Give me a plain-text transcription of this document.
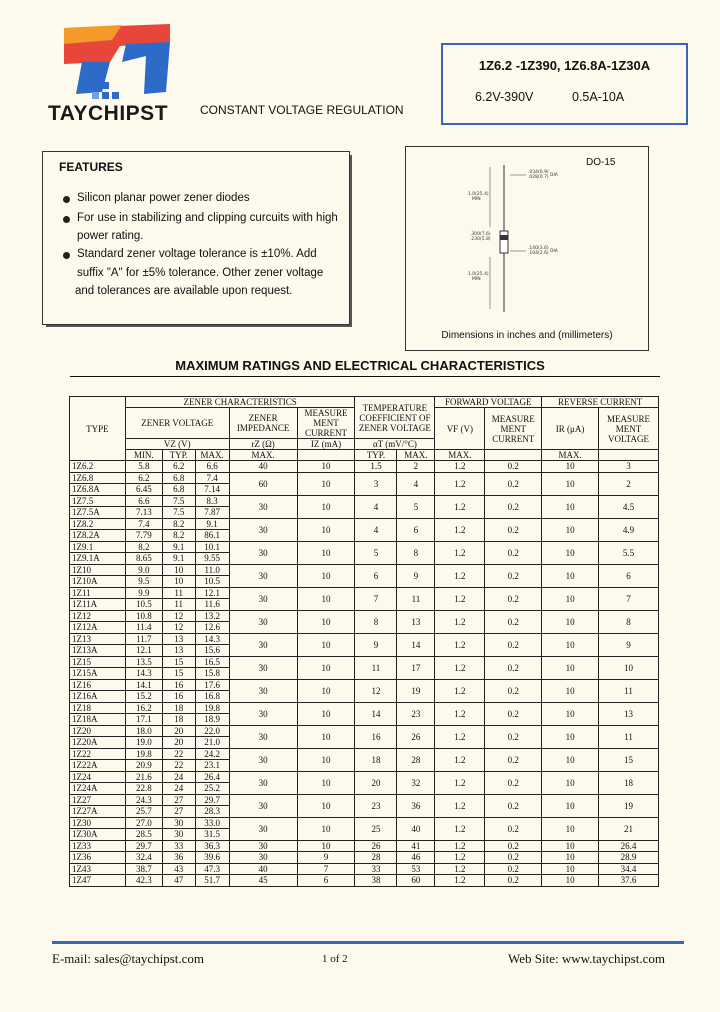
TAYCHIPST	CONSTANT VOLTAGE REGULATION
1Z6.2 -1Z390, 1Z6.8A-1Z30A
6.2V-390V	0.5A-10A
FEATURES
Silicon planar power zener diodes
For use in stabilizing and clipping curcuits with high
power rating.
Standard zener voltage tolerance is ±10%. Add
suffix "A" for ±5% tolerance. Other zener voltage
and tolerances are available upon request.
DO-15
.034(0.9)
.028(0.7) DIA
1.0(25.4)
MIN
.300(7.6)
.230(5.8)
.140(3.6)
.104(2.6) DIA
1.0(25.4)
MIN
Dimensions in inches and (millimeters)
MAXIMUM RATINGS AND ELECTRICAL CHARACTERISTICS
TYPE	ZENER CHARACTERISTICS					TEMPERATURE COEFFICIENT OF ZENER VOLTAGE		FORWARD VOLTAGE		REVERSE CURRENT	
	ZENER VOLTAGE			ZENER IMPEDANCE	MEASURE MENT CURRENT			VF (V)	MEASURE MENT CURRENT	IR (μA)	MEASURE MENT VOLTAGE
	VZ (V)			rZ (Ω)	IZ (mA)	αT (mV/°C)					
	MIN.	TYP.	MAX.	MAX.		TYP.	MAX.	MAX.		MAX.	
1Z6.2	5.8	6.2	6.6	40	10	1.5	2	1.2	0.2	10	3
1Z6.8	6.2	6.8	7.4	60	10	3	4	1.2	0.2	10	2
1Z6.8A	6.45	6.8	7.14								
1Z7.5	6.6	7.5	8.3	30	10	4	5	1.2	0.2	10	4.5
1Z7.5A	7.13	7.5	7.87								
1Z8.2	7.4	8.2	9.1	30	10	4	6	1.2	0.2	10	4.9
1Z8.2A	7.79	8.2	86.1								
1Z9.1	8.2	9.1	10.1	30	10	5	8	1.2	0.2	10	5.5
1Z9.1A	8.65	9.1	9.55								
1Z10	9.0	10	11.0	30	10	6	9	1.2	0.2	10	6
1Z10A	9.5	10	10.5								
1Z11	9.9	11	12.1	30	10	7	11	1.2	0.2	10	7
1Z11A	10.5	11	11.6								
1Z12	10.8	12	13.2	30	10	8	13	1.2	0.2	10	8
1Z12A	11.4	12	12.6								
1Z13	11.7	13	14.3	30	10	9	14	1.2	0.2	10	9
1Z13A	12.1	13	15.6								
1Z15	13.5	15	16.5	30	10	11	17	1.2	0.2	10	10
1Z15A	14.3	15	15.8								
1Z16	14.1	16	17.6	30	10	12	19	1.2	0.2	10	11
1Z16A	15.2	16	16.8								
1Z18	16.2	18	19.8	30	10	14	23	1.2	0.2	10	13
1Z18A	17.1	18	18.9								
1Z20	18.0	20	22.0	30	10	16	26	1.2	0.2	10	11
1Z20A	19.0	20	21.0								
1Z22	19.8	22	24.2	30	10	18	28	1.2	0.2	10	15
1Z22A	20.9	22	23.1								
1Z24	21.6	24	26.4	30	10	20	32	1.2	0.2	10	18
1Z24A	22.8	24	25.2								
1Z27	24.3	27	29.7	30	10	23	36	1.2	0.2	10	19
1Z27A	25.7	27	28.3								
1Z30	27.0	30	33.0	30	10	25	40	1.2	0.2	10	21
1Z30A	28.5	30	31.5								
1Z33	29.7	33	36.3	30	10	26	41	1.2	0.2	10	26.4
1Z36	32.4	36	39.6	30	9	28	46	1.2	0.2	10	28.9
1Z43	38.7	43	47.3	40	7	33	53	1.2	0.2	10	34.4
1Z47	42.3	47	51.7	45	6	38	60	1.2	0.2	10	37.6
E-mail: sales@taychipst.com	1 of 2	Web Site: www.taychipst.com
